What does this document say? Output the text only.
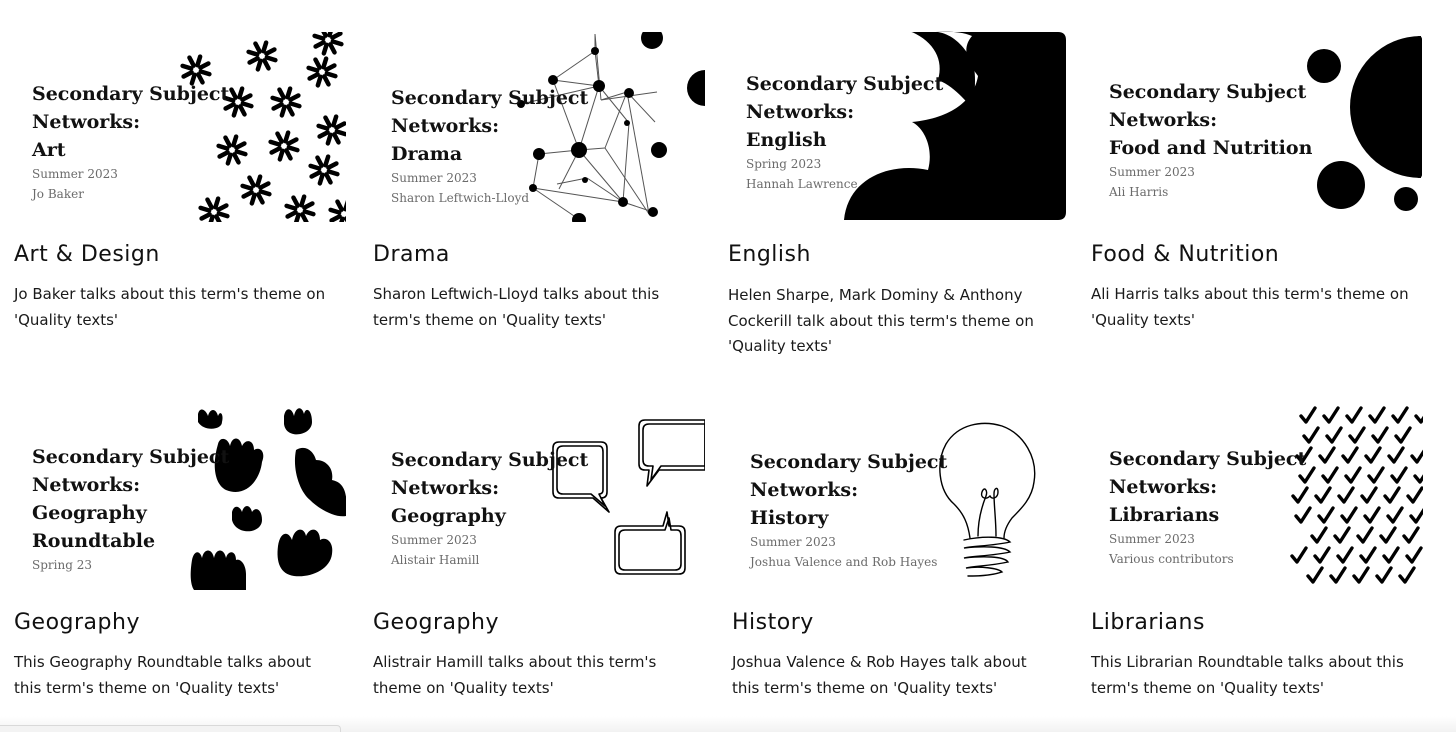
Secondary Subject
Networks:
Art
Summer 2023
Jo Baker
Art & Design

Jo Baker talks about this term's theme on 'Quality texts'

Secondary Subject
Networks:
Drama
Summer 2023
Sharon Leftwich-Lloyd
Drama

Sharon Leftwich-Lloyd talks about this term's theme on 'Quality texts'

Secondary Subject
Networks:
English
Spring 2023
Hannah Lawrence
English

Helen Sharpe, Mark Dominy & Anthony Cockerill talk about this term's theme on 'Quality texts'

Secondary Subject
Networks:
Food and Nutrition
Summer 2023
Ali Harris
Food & Nutrition

Ali Harris talks about this term's theme on 'Quality texts'

Secondary Subject
Networks:
Geography
Roundtable
Spring 23
Geography

This Geography Roundtable talks about this term's theme on 'Quality texts'

Secondary Subject
Networks:
Geography
Summer 2023
Alistair Hamill
Geography

Alistrair Hamill talks about this term's theme on 'Quality texts'

Secondary Subject
Networks:
History
Summer 2023
Joshua Valence and Rob Hayes
History

Joshua Valence & Rob Hayes talk about this term's theme on 'Quality texts'

Secondary Subject
Networks:
Librarians
Summer 2023
Various contributors
Librarians

This Librarian Roundtable talks about this term's theme on 'Quality texts'
